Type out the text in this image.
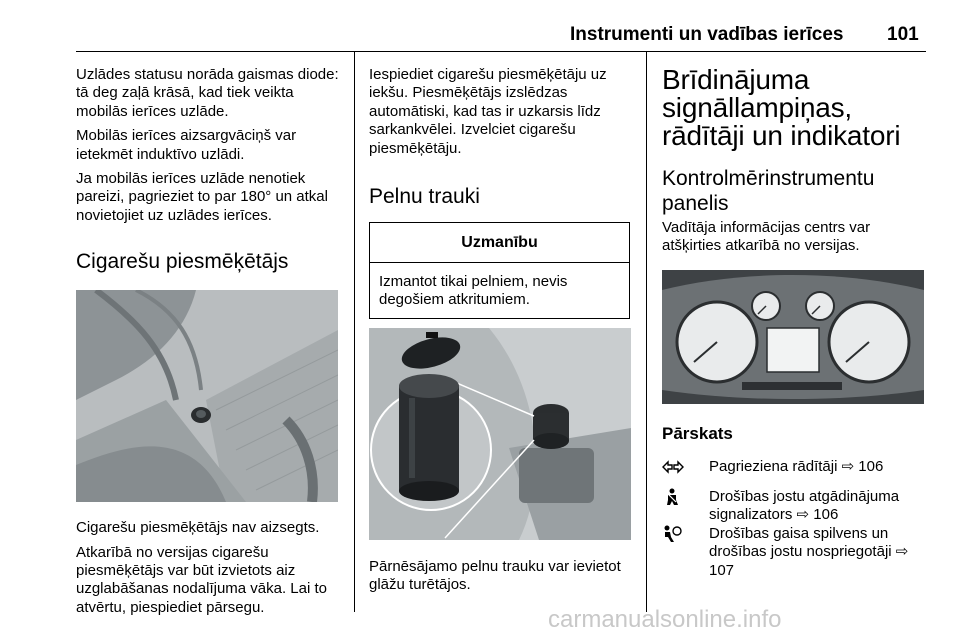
Instrumenti un vadības ierīces 101

Uzlādes statusu norāda gaismas diode: tā deg zaļā krāsā, kad tiek veikta mobilās ierīces uzlāde.

Mobilās ierīces aizsargvāciņš var ietekmēt induktīvo uzlādi.

Ja mobilās ierīces uzlāde nenotiek pareizi, pagrieziet to par 180° un atkal novietojiet uz uzlādes ierīces.

Cigarešu piesmēķētājs

Cigarešu piesmēķētājs nav aizsegts.

Atkarībā no versijas cigarešu piesmēķētājs var būt izvietots aiz uzglabāšanas nodalījuma vāka. Lai to atvērtu, piespiediet pārsegu.

Iespiediet cigarešu piesmēķētāju uz iekšu. Piesmēķētājs izslēdzas automātiski, kad tas ir uzkarsis līdz sarkankvēlei. Izvelciet cigarešu piesmēķētāju.

Pelnu trauki
Uzmanību
Izmantot tikai pelniem, nevis degošiem atkritumiem.

Pārnēsājamo pelnu trauku var ievietot glāžu turētājos.

Brīdinājuma signāllampiņas, rādītāji un indikatori
Kontrolmērinstrumentu panelis

Vadītāja informācijas centrs var atšķirties atkarībā no versijas.

Pārskats
Pagrieziena rādītāji ⇨ 106
Drošības jostu atgādinājuma signalizators ⇨ 106
Drošības gaisa spilvens un drošības jostu nospriegotāji ⇨ 107
carmanualsonline.info
